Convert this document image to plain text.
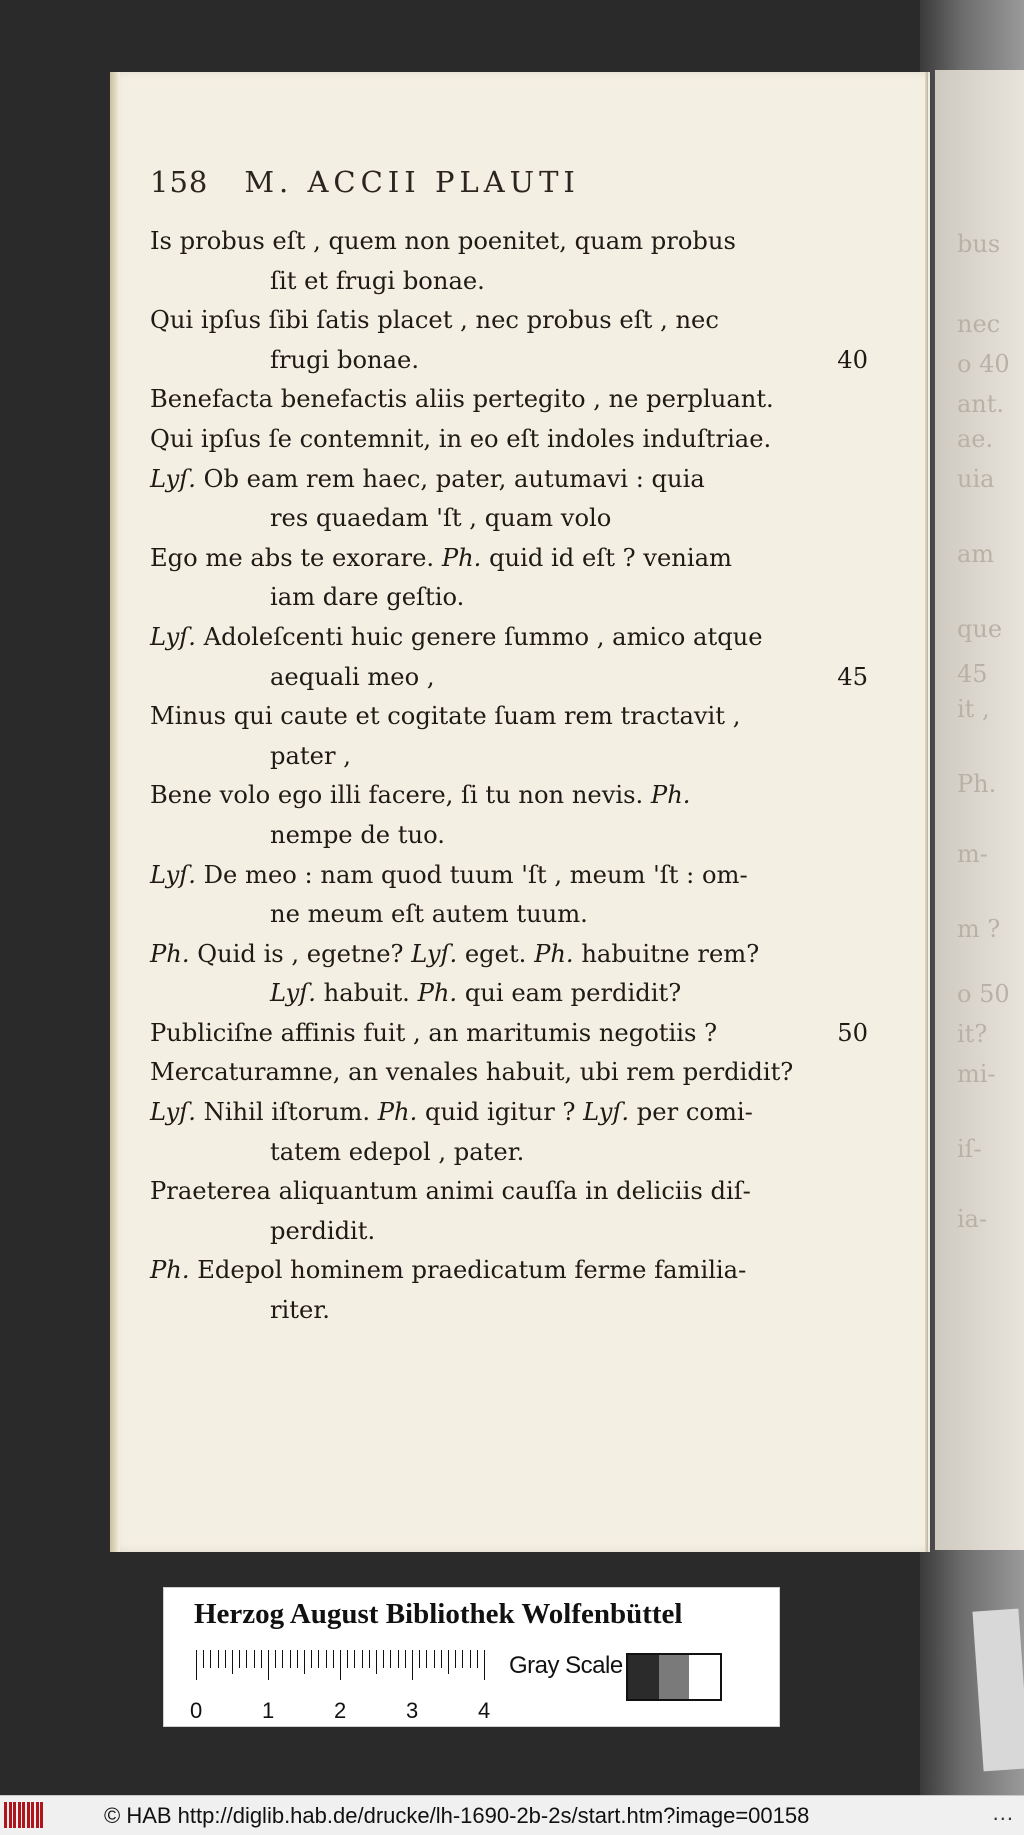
bus
nec
o 40
ant.
ae.
uia
am
que
45
it ,
Ph.
m-
m ?
o 50
it?
mi-
iſ-
ia-
158 M. ACCII PLAUTI
Is probus eſt , quem non poenitet, quam probus
ſit et frugi bonae.
Qui ipſus ſibi ſatis placet , nec probus eſt , nec
frugi bonae.	40
Benefacta benefactis aliis pertegito , ne perpluant.
Qui ipſus ſe contemnit, in eo eſt indoles induſtriae.
Lyſ. Ob eam rem haec, pater, autumavi : quia
res quaedam 'ſt , quam volo
Ego me abs te exorare. Ph. quid id eſt ? veniam
iam dare geſtio.
Lyſ. Adoleſcenti huic genere ſummo , amico atque
aequali meo ,	45
Minus qui caute et cogitate ſuam rem tractavit ,
pater ,
Bene volo ego illi facere, ſi tu non nevis. Ph.
nempe de tuo.
Lyſ. De meo : nam quod tuum 'ſt , meum 'ſt : om-
ne meum eſt autem tuum.
Ph. Quid is , egetne? Lyſ. eget. Ph. habuitne rem?
Lyſ. habuit. Ph. qui eam perdidit?
Publiciſne affinis fuit , an maritumis negotiis ?	50
Mercaturamne, an venales habuit, ubi rem perdidit?
Lyſ. Nihil iſtorum. Ph. quid igitur ? Lyſ. per comi-
tatem edepol , pater.
Praeterea aliquantum animi cauſſa in deliciis diſ-
perdidit.
Ph. Edepol hominem praedicatum ferme familia-
riter.
Herzog August Bibliothek Wolfenbüttel
0	1	2	3	4
Gray Scale
© HAB http://diglib.hab.de/drucke/lh-1690-2b-2s/start.htm?image=00158	...
